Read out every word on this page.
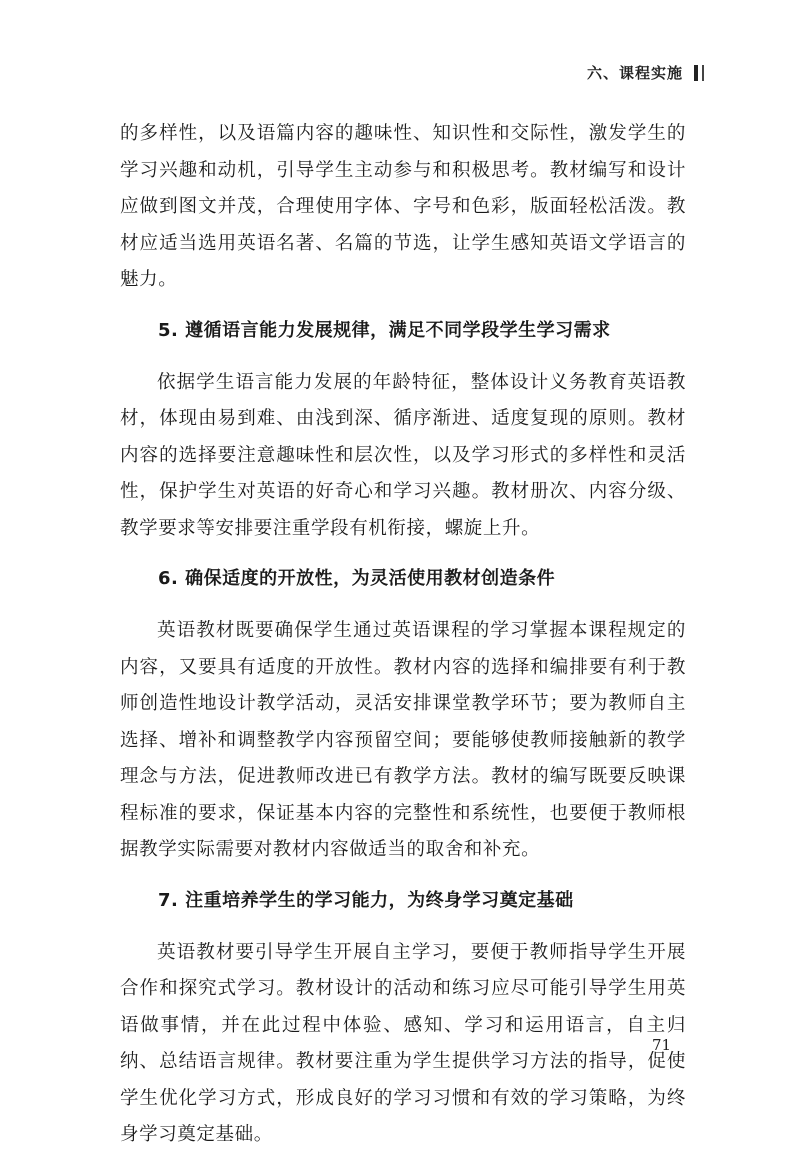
六、课程实施

的多样性，以及语篇内容的趣味性、知识性和交际性，激发学生的学习兴趣和动机，引导学生主动参与和积极思考。教材编写和设计应做到图文并茂，合理使用字体、字号和色彩，版面轻松活泼。教材应适当选用英语名著、名篇的节选，让学生感知英语文学语言的魅力。

5. 遵循语言能力发展规律，满足不同学段学生学习需求

依据学生语言能力发展的年龄特征，整体设计义务教育英语教材，体现由易到难、由浅到深、循序渐进、适度复现的原则。教材内容的选择要注意趣味性和层次性，以及学习形式的多样性和灵活性，保护学生对英语的好奇心和学习兴趣。教材册次、内容分级、教学要求等安排要注重学段有机衔接，螺旋上升。

6. 确保适度的开放性，为灵活使用教材创造条件

英语教材既要确保学生通过英语课程的学习掌握本课程规定的内容，又要具有适度的开放性。教材内容的选择和编排要有利于教师创造性地设计教学活动，灵活安排课堂教学环节；要为教师自主选择、增补和调整教学内容预留空间；要能够使教师接触新的教学理念与方法，促进教师改进已有教学方法。教材的编写既要反映课程标准的要求，保证基本内容的完整性和系统性，也要便于教师根据教学实际需要对教材内容做适当的取舍和补充。

7. 注重培养学生的学习能力，为终身学习奠定基础

英语教材要引导学生开展自主学习，要便于教师指导学生开展合作和探究式学习。教材设计的活动和练习应尽可能引导学生用英语做事情，并在此过程中体验、感知、学习和运用语言，自主归纳、总结语言规律。教材要注重为学生提供学习方法的指导，促使学生优化学习方式，形成良好的学习习惯和有效的学习策略，为终身学习奠定基础。

71
